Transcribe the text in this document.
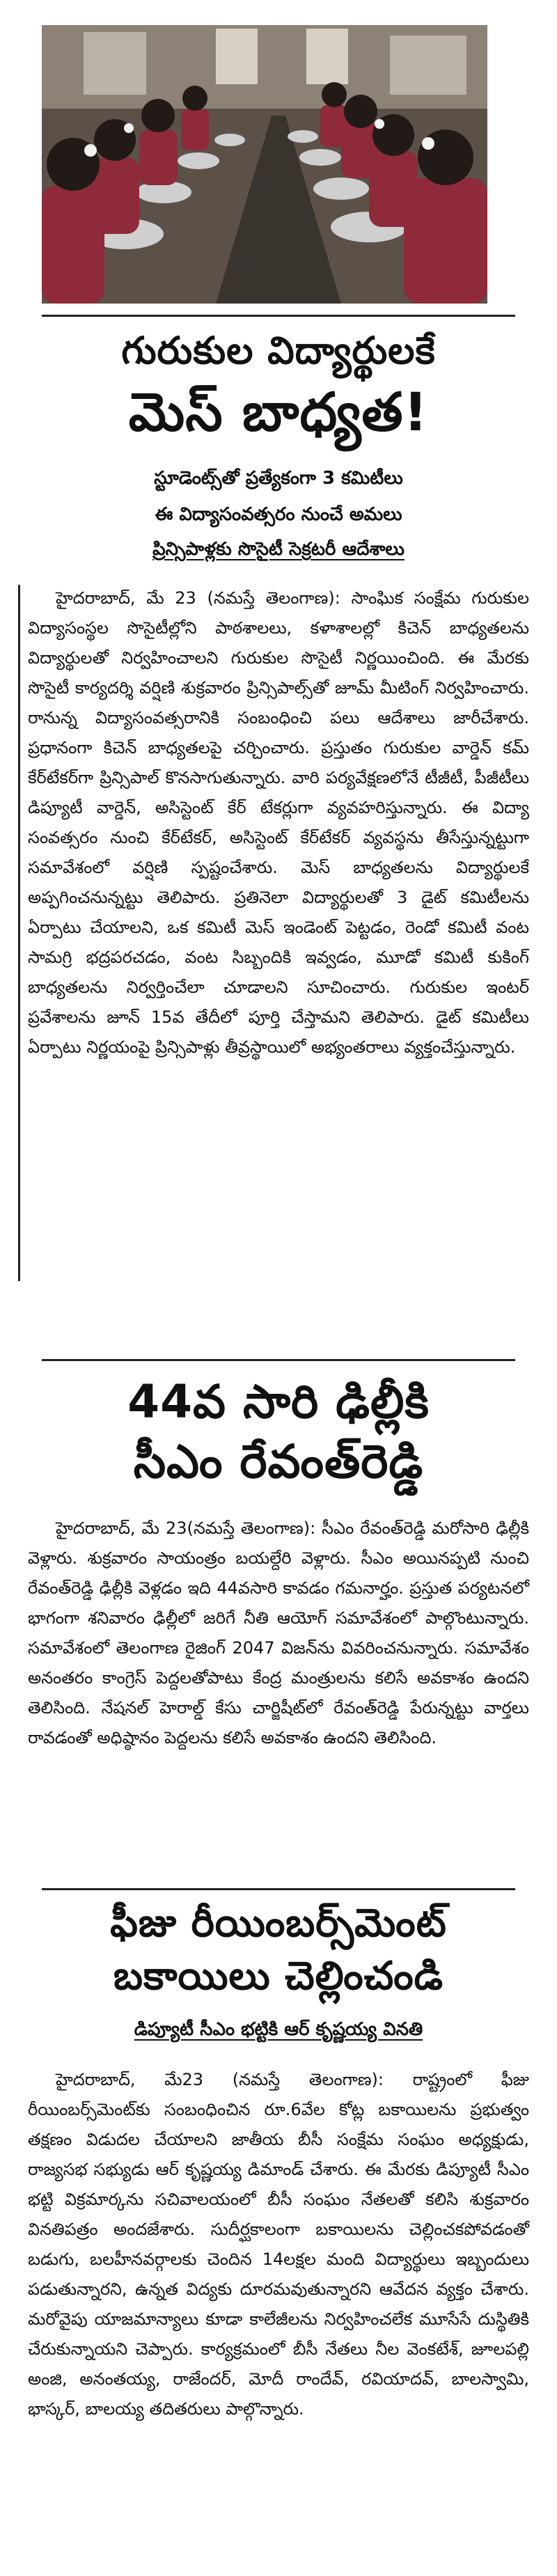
గురుకుల విద్యార్థులకే
మెస్ బాధ్యత!
స్టూడెంట్స్‌తో ప్రత్యేకంగా 3 కమిటీలు
ఈ విద్యాసంవత్సరం నుంచే అమలు
ప్రిన్సిపాళ్లకు సొసైటీ సెక్రటరీ ఆదేశాలు

హైదరాబాద్, మే 23 (నమస్తే తెలంగాణ): సాంఘిక సంక్షేమ గురుకుల విద్యాసంస్థల సొసైటీల్లోని పాఠశాలలు, కళాశాలల్లో కిచెన్ బాధ్యతలను విద్యార్థులతో నిర్వహించాలని గురుకుల సొసైటీ నిర్ణయించింది. ఈ మేరకు సొసైటీ కార్యదర్శి వర్షిణి శుక్రవారం ప్రిన్సిపాల్స్‌తో జూమ్ మీటింగ్ నిర్వహించారు. రానున్న విద్యాసంవత్సరానికి సంబంధించి పలు ఆదేశాలు జారీచేశారు. ప్రధానంగా కిచెన్ బాధ్యతలపై చర్చించారు. ప్రస్తుతం గురుకుల వార్డెన్ కమ్ కేర్‌టేకర్‌గా ప్రిన్సిపాల్ కొనసాగుతున్నారు. వారి పర్యవేక్షణలోనే టీజీటీ, పీజీటీలు డిప్యూటీ వార్డెన్, అసిస్టెంట్ కేర్ టేకర్లుగా వ్యవహరిస్తున్నారు. ఈ విద్యా సంవత్సరం నుంచి కేర్‌టేకర్, అసిస్టెంట్ కేర్‌టేకర్ వ్యవస్థను తీసేస్తున్నట్టుగా సమావేశంలో వర్షిణి స్పష్టంచేశారు. మెస్ బాధ్యతలను విద్యార్థులకే అప్పగించనున్నట్టు తెలిపారు. ప్రతినెలా విద్యార్థులతో 3 డైట్ కమిటీలను ఏర్పాటు చేయాలని, ఒక కమిటీ మెస్ ఇండెంట్ పెట్టడం, రెండో కమిటీ వంట సామగ్రి భద్రపరచడం, వంట సిబ్బందికి ఇవ్వడం, మూడో కమిటీ కుకింగ్ బాధ్యతలను నిర్వర్తించేలా చూడాలని సూచించారు. గురుకుల ఇంటర్ ప్రవేశాలను జూన్ 15వ తేదీలో పూర్తి చేస్తామని తెలిపారు. డైట్ కమిటీలు ఏర్పాటు నిర్ణయంపై ప్రిన్సిపాళ్లు తీవ్రస్థాయిలో అభ్యంతరాలు వ్యక్తంచేస్తున్నారు.

44వ సారి ఢిల్లీకి
సీఎం రేవంత్‌రెడ్డి

హైదరాబాద్, మే 23(నమస్తే తెలంగాణ): సీఎం రేవంత్‌రెడ్డి మరోసారి ఢిల్లీకి వెళ్లారు. శుక్రవారం సాయంత్రం బయల్దేరి వెళ్లారు. సీఎం అయినప్పటి నుంచి రేవంత్‌రెడ్డి ఢిల్లీకి వెళ్లడం ఇది 44వసారి కావడం గమనార్హం. ప్రస్తుత పర్యటనలో భాగంగా శనివారం ఢిల్లీలో జరిగే నీతి ఆయోగ్ సమావేశంలో పాల్గొంటున్నారు. సమావేశంలో తెలంగాణ రైజింగ్ 2047 విజన్‌ను వివరించనున్నారు. సమావేశం అనంతరం కాంగ్రెస్ పెద్దలతోపాటు కేంద్ర మంత్రులను కలిసే అవకాశం ఉందని తెలిసింది. నేషనల్ హెరాల్డ్ కేసు చార్జిషీట్‌లో రేవంత్‌రెడ్డి పేరున్నట్టు వార్తలు రావడంతో అధిష్ఠానం పెద్దలను కలిసే అవకాశం ఉందని తెలిసింది.

ఫీజు రీయింబర్స్‌మెంట్
బకాయిలు చెల్లించండి
డిప్యూటీ సీఎం భట్టికి ఆర్ కృష్ణయ్య వినతి

హైదరాబాద్, మే23 (నమస్తే తెలంగాణ): రాష్ట్రంలో ఫీజు రీయింబర్స్‌మెంట్‌కు సంబంధించిన రూ.6వేల కోట్ల బకాయిలను ప్రభుత్వం తక్షణం విడుదల చేయాలని జాతీయ బీసీ సంక్షేమ సంఘం అధ్యక్షుడు, రాజ్యసభ సభ్యుడు ఆర్ కృష్ణయ్య డిమాండ్ చేశారు. ఈ మేరకు డిప్యూటీ సీఎం భట్టి విక్రమార్కను సచివాలయంలో బీసీ సంఘం నేతలతో కలిసి శుక్రవారం వినతిపత్రం అందజేశారు. సుదీర్ఘకాలంగా బకాయిలను చెల్లించకపోవడంతో బడుగు, బలహీనవర్గాలకు చెందిన 14లక్షల మంది విద్యార్థులు ఇబ్బందులు పడుతున్నారని, ఉన్నత విద్యకు దూరమవుతున్నారని ఆవేదన వ్యక్తం చేశారు. మరోవైపు యాజమాన్యాలు కూడా కాలేజీలను నిర్వహించలేక మూసేసే దుస్థితికి చేరుకున్నాయని చెప్పారు. కార్యక్రమంలో బీసీ నేతలు నీల వెంకటేశ్, జూలపల్లి అంజి, అనంతయ్య, రాజేందర్, మోదీ రాందేవ్, రవియాదవ్, బాలస్వామి, భాస్కర్, బాలయ్య తదితరులు పాల్గొన్నారు.
